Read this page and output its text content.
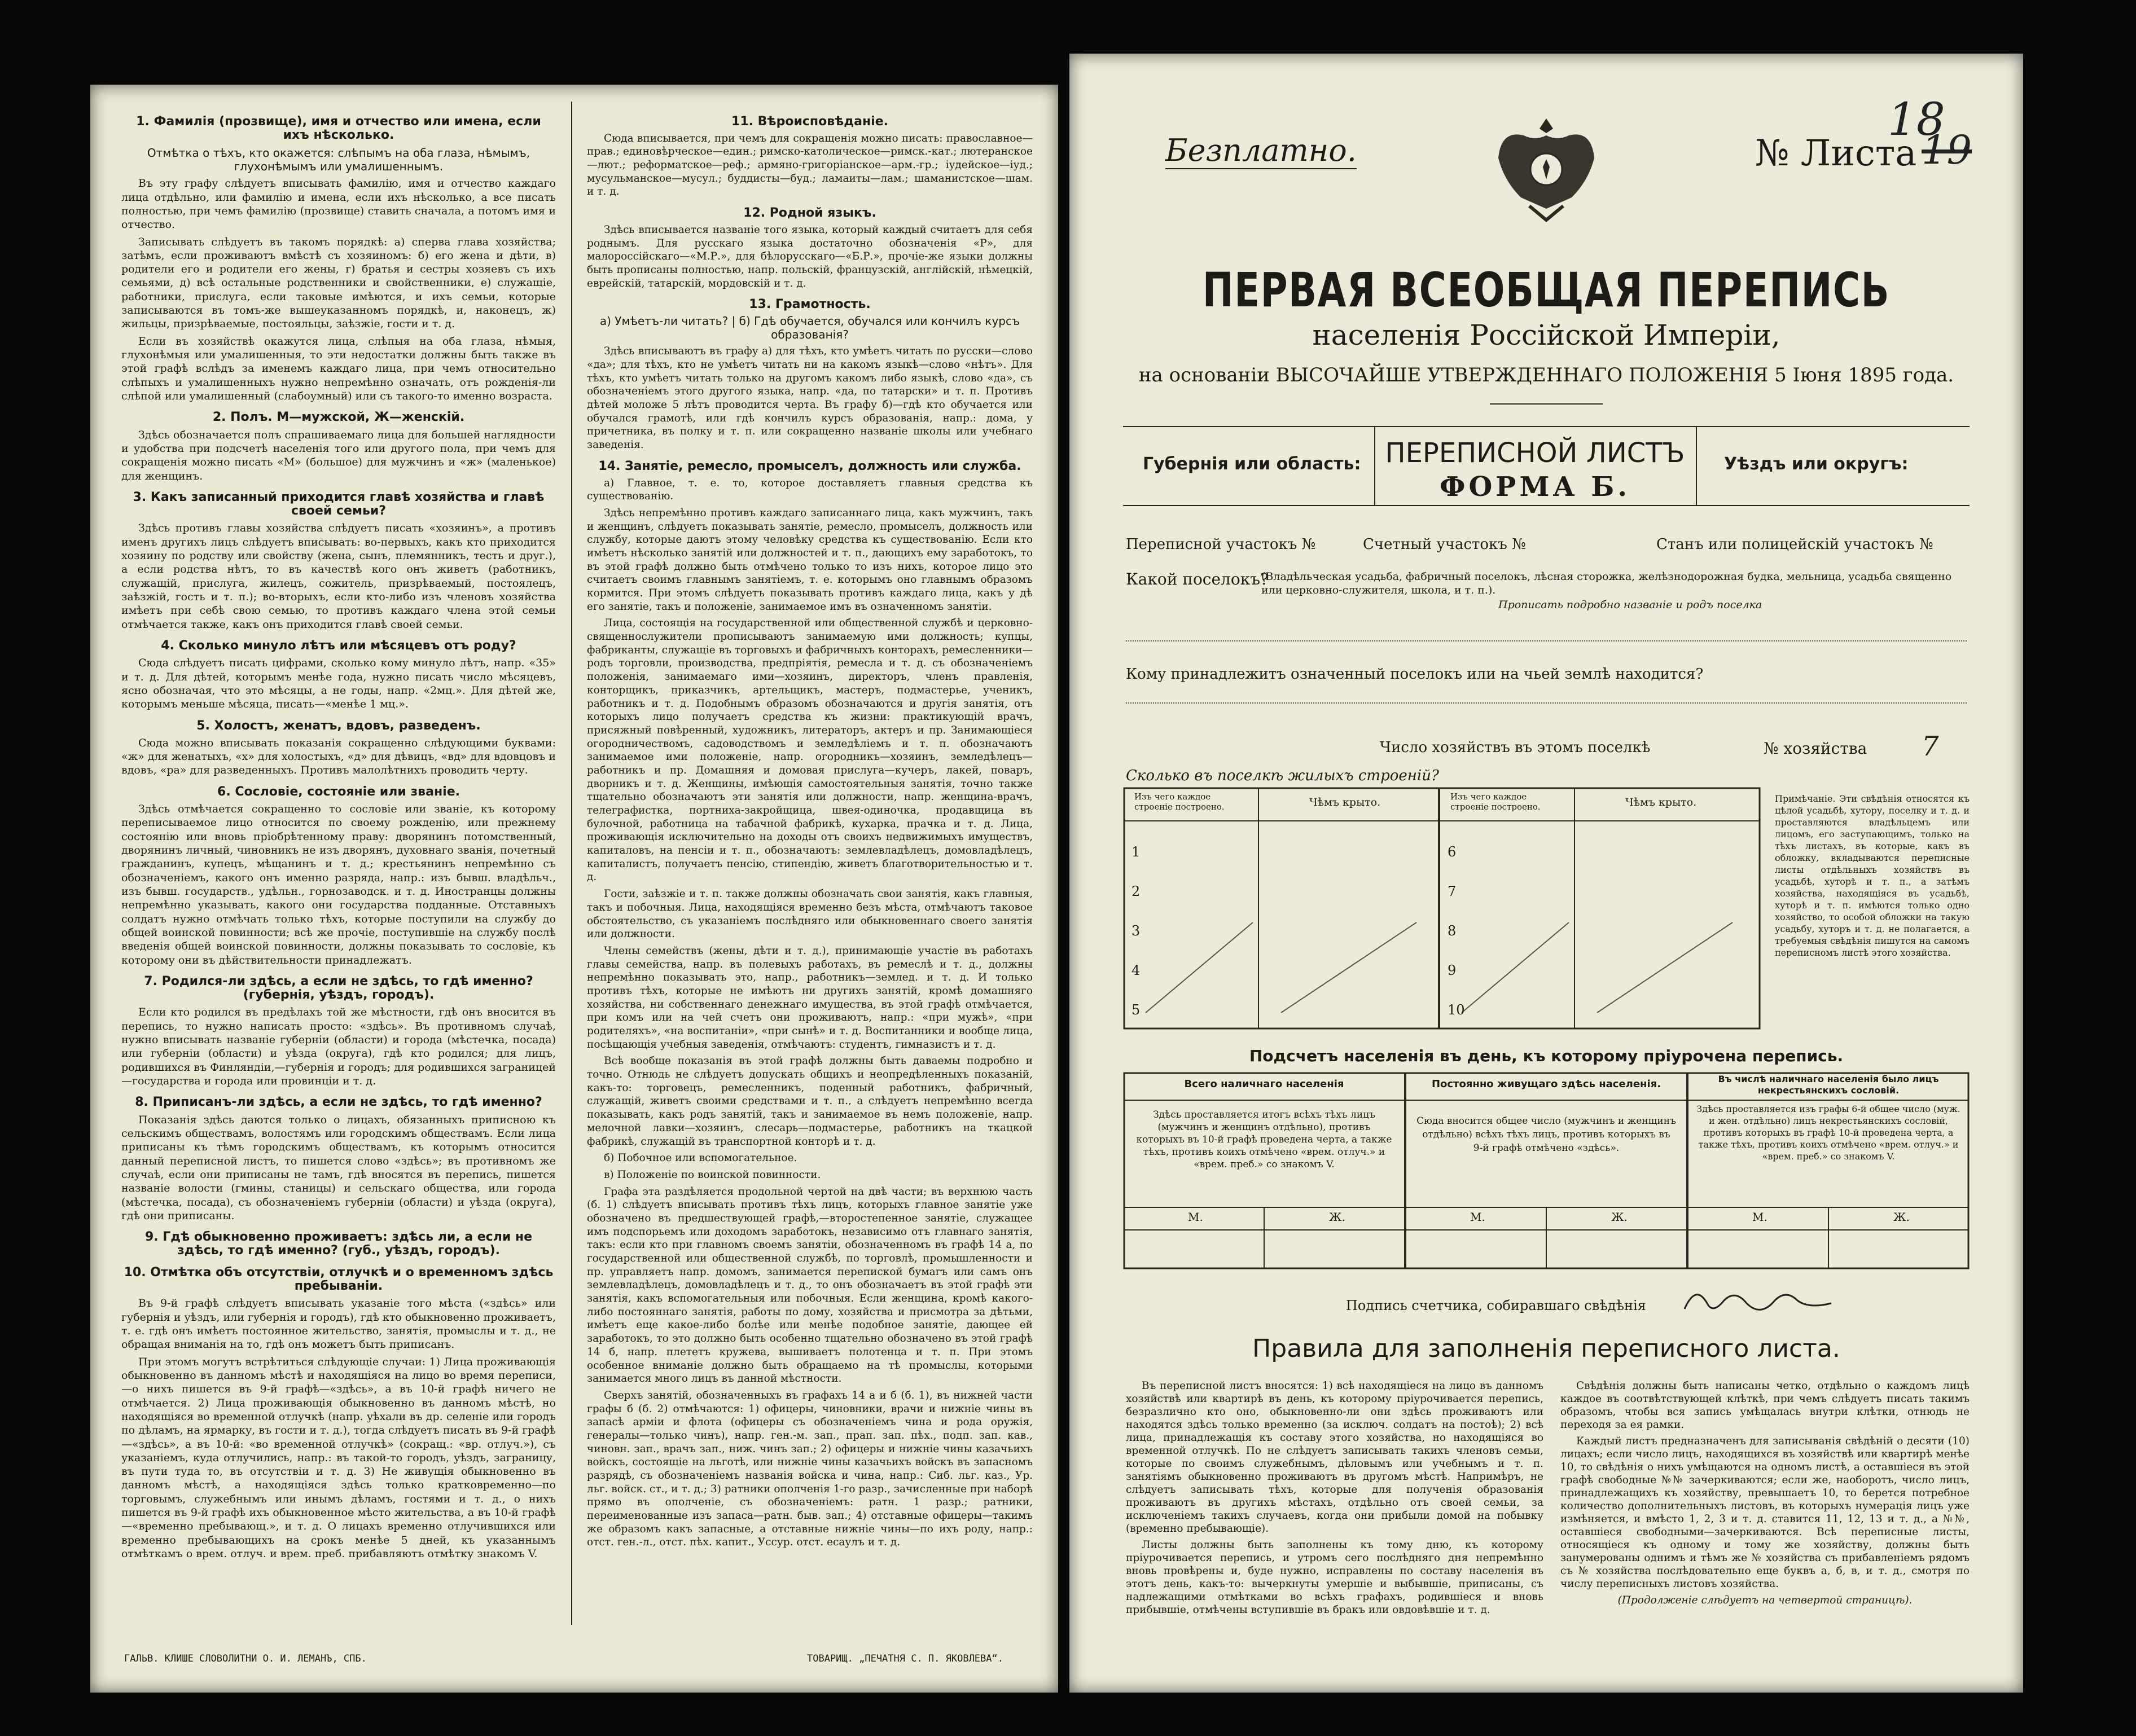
1. Фамилія (прозвище), имя и отчество или имена, если ихъ нѣсколько.
Отмѣтка о тѣхъ, кто окажется: слѣпымъ на оба глаза, нѣмымъ, глухонѣмымъ или умалишеннымъ.
Въ эту графу слѣдуетъ вписывать фамилію, имя и отчество каждаго лица отдѣльно, или фамилію и имена, если ихъ нѣсколько, а все писать полностью, при чемъ фамилію (прозвище) ставить сначала, а потомъ имя и отчество.
Записывать слѣдуетъ въ такомъ порядкѣ: а) сперва глава хозяйства; затѣмъ, если проживаютъ вмѣстѣ съ хозяиномъ: б) его жена и дѣти, в) родители его и родители его жены, г) братья и сестры хозяевъ съ ихъ семьями, д) всѣ остальные родственники и свойственники, е) служащіе, работники, прислуга, если таковые имѣются, и ихъ семьи, которые записываются въ томъ-же вышеуказанномъ порядкѣ, и, наконецъ, ж) жильцы, призрѣваемые, постояльцы, заѣзжіе, гости и т. д.
Если въ хозяйствѣ окажутся лица, слѣпыя на оба глаза, нѣмыя, глухонѣмыя или умалишенныя, то эти недостатки должны быть также въ этой графѣ вслѣдъ за именемъ каждаго лица, при чемъ относительно слѣпыхъ и умалишенныхъ нужно непремѣнно означать, отъ рожденія-ли слѣпой или умалишенный (слабоумный) или съ такого-то именно возраста.
2. Полъ. М—мужской, Ж—женскій.
Здѣсь обозначается полъ спрашиваемаго лица для большей наглядности и удобства при подсчетѣ населенія того или другого пола, при чемъ для сокращенія можно писать «М» (большое) для мужчинъ и «ж» (маленькое) для женщинъ.
3. Какъ записанный приходится главѣ хозяйства и главѣ своей семьи?
Здѣсь противъ главы хозяйства слѣдуетъ писать «хозяинъ», а противъ именъ другихъ лицъ слѣдуетъ вписывать: во-первыхъ, какъ кто приходится хозяину по родству или свойству (жена, сынъ, племянникъ, тесть и друг.), а если родства нѣтъ, то въ качествѣ кого онъ живетъ (работникъ, служащій, прислуга, жилецъ, сожитель, призрѣваемый, постоялецъ, заѣзжій, гость и т. п.); во-вторыхъ, если кто-либо изъ членовъ хозяйства имѣетъ при себѣ свою семью, то противъ каждаго члена этой семьи отмѣчается также, какъ онъ приходится главѣ своей семьи.
4. Сколько минуло лѣтъ или мѣсяцевъ отъ роду?
Сюда слѣдуетъ писать цифрами, сколько кому минуло лѣтъ, напр. «35» и т. д. Для дѣтей, которымъ менѣе года, нужно писать число мѣсяцевъ, ясно обозначая, что это мѣсяцы, а не годы, напр. «2мц.». Для дѣтей же, которымъ меньше мѣсяца, писать—«менѣе 1 мц.».
5. Холостъ, женатъ, вдовъ, разведенъ.
Сюда можно вписывать показанія сокращенно слѣдующими буквами: «ж» для женатыхъ, «х» для холостыхъ, «д» для дѣвицъ, «вд» для вдовцовъ и вдовъ, «ра» для разведенныхъ. Противъ малолѣтнихъ проводить черту.
6. Сословіе, состояніе или званіе.
Здѣсь отмѣчается сокращенно то сословіе или званіе, къ которому переписываемое лицо относится по своему рожденію, или прежнему состоянію или вновь пріобрѣтенному праву: дворянинъ потомственный, дворянинъ личный, чиновникъ не изъ дворянъ, духовнаго званія, почетный гражданинъ, купецъ, мѣщанинъ и т. д.; крестьянинъ непремѣнно съ обозначеніемъ, какого онъ именно разряда, напр.: изъ бывш. владѣльч., изъ бывш. государств., удѣльн., горнозаводск. и т. д. Иностранцы должны непремѣнно указывать, какого они государства подданные. Отставныхъ солдатъ нужно отмѣчать только тѣхъ, которые поступили на службу до общей воинской повинности; всѣ же прочіе, поступившіе на службу послѣ введенія общей воинской повинности, должны показывать то сословіе, къ которому они въ дѣйствительности принадлежатъ.
7. Родился-ли здѣсь, а если не здѣсь, то гдѣ именно? (губернія, уѣздъ, городъ).
Если кто родился въ предѣлахъ той же мѣстности, гдѣ онъ вносится въ перепись, то нужно написать просто: «здѣсь». Въ противномъ случаѣ, нужно вписывать названіе губерніи (области) и города (мѣстечка, посада) или губерніи (области) и уѣзда (округа), гдѣ кто родился; для лицъ, родившихся въ Финляндіи,—губернія и городъ; для родившихся заграницей—государства и города или провинціи и т. д.
8. Приписанъ-ли здѣсь, а если не здѣсь, то гдѣ именно?
Показанія здѣсь даются только о лицахъ, обязанныхъ приписною къ сельскимъ обществамъ, волостямъ или городскимъ обществамъ. Если лица приписаны къ тѣмъ городскимъ обществамъ, къ которымъ относится данный переписной листъ, то пишется слово «здѣсь»; въ противномъ же случаѣ, если они приписаны не тамъ, гдѣ вносятся въ перепись, пишется названіе волости (гмины, станицы) и сельскаго общества, или города (мѣстечка, посада), съ обозначеніемъ губерніи (области) и уѣзда (округа), гдѣ они приписаны.
9. Гдѣ обыкновенно проживаетъ: здѣсь ли, а если не здѣсь, то гдѣ именно? (губ., уѣздъ, городъ).
10. Отмѣтка объ отсутствіи, отлучкѣ и о временномъ здѣсь пребываніи.
Въ 9-й графѣ слѣдуетъ вписывать указаніе того мѣста («здѣсь» или губернія и уѣздъ, или губернія и городъ), гдѣ кто обыкновенно проживаетъ, т. е. гдѣ онъ имѣетъ постоянное жительство, занятія, промыслы и т. д., не обращая вниманія на то, гдѣ онъ можетъ быть приписанъ.
При этомъ могутъ встрѣтиться слѣдующіе случаи: 1) Лица проживающія обыкновенно въ данномъ мѣстѣ и находящіяся на лицо во время переписи,—о нихъ пишется въ 9-й графѣ—«здѣсь», а въ 10-й графѣ ничего не отмѣчается. 2) Лица проживающія обыкновенно въ данномъ мѣстѣ, но находящіяся во временной отлучкѣ (напр. уѣхали въ др. селеніе или городъ по дѣламъ, на ярмарку, въ гости и т. д.), тогда слѣдуетъ писать въ 9-й графѣ—«здѣсь», а въ 10-й: «во временной отлучкѣ» (сокращ.: «вр. отлуч.»), съ указаніемъ, куда отлучились, напр.: въ такой-то городъ, уѣздъ, заграницу, въ пути туда то, въ отсутствіи и т. д. 3) Не живущія обыкновенно въ данномъ мѣстѣ, а находящіяся здѣсь только кратковременно—по торговымъ, служебнымъ или инымъ дѣламъ, гостями и т. д., о нихъ пишется въ 9-й графѣ ихъ обыкновенное мѣсто жительства, а въ 10-й графѣ—«временно пребывающ.», и т. д. О лицахъ временно отлучившихся или временно пребывающихъ на срокъ менѣе 5 дней, къ указаннымъ отмѣткамъ о врем. отлуч. и врем. преб. прибавляютъ отмѣтку знакомъ V.
11. Вѣроисповѣданіе.
Сюда вписывается, при чемъ для сокращенія можно писать: православное—прав.; единовѣрческое—един.; римско-католическое—римск.-кат.; лютеранское—лют.; реформатское—реф.; армяно-григоріанское—арм.-гр.; іудейское—іуд.; мусульманское—мусул.; буддисты—буд.; ламаиты—лам.; шаманистское—шам. и т. д.
12. Родной языкъ.
Здѣсь вписывается названіе того языка, который каждый считаетъ для себя роднымъ. Для русскаго языка достаточно обозначенія «Р», для малороссійскаго—«М.Р.», для бѣлорусскаго—«Б.Р.», прочіе-же языки должны быть прописаны полностью, напр. польскій, французскій, англійскій, нѣмецкій, еврейскій, татарскій, мордовскій и т. д.
13. Грамотность.
а) Умѣетъ-ли читать? | б) Гдѣ обучается, обучался или кончилъ курсъ образованія?
Здѣсь вписываютъ въ графу а) для тѣхъ, кто умѣетъ читать по русски—слово «да»; для тѣхъ, кто не умѣетъ читать ни на какомъ языкѣ—слово «нѣтъ». Для тѣхъ, кто умѣетъ читать только на другомъ какомъ либо языкѣ, слово «да», съ обозначеніемъ этого другого языка, напр. «да, по татарски» и т. п. Противъ дѣтей моложе 5 лѣтъ проводится черта. Въ графу б)—гдѣ кто обучается или обучался грамотѣ, или гдѣ кончилъ курсъ образованія, напр.: дома, у причетника, въ полку и т. п. или сокращенно названіе школы или учебнаго заведенія.
14. Занятіе, ремесло, промыселъ, должность или служба.
а) Главное, т. е. то, которое доставляетъ главныя средства къ существованію.
Здѣсь непремѣнно противъ каждаго записаннаго лица, какъ мужчинъ, такъ и женщинъ, слѣдуетъ показывать занятіе, ремесло, промыселъ, должность или службу, которые даютъ этому человѣку средства къ существованію. Если кто имѣетъ нѣсколько занятій или должностей и т. п., дающихъ ему заработокъ, то въ этой графѣ должно быть отмѣчено только то изъ нихъ, которое лицо это считаетъ своимъ главнымъ занятіемъ, т. е. которымъ оно главнымъ образомъ кормится. При этомъ слѣдуетъ показывать противъ каждаго лица, какъ у дѣ его занятіе, такъ и положеніе, занимаемое имъ въ означенномъ занятіи.
Лица, состоящія на государственной или общественной службѣ и церковно-священнослужители прописываютъ занимаемую ими должность; купцы, фабриканты, служащіе въ торговыхъ и фабричныхъ конторахъ, ремесленники—родъ торговли, производства, предпріятія, ремесла и т. д. съ обозначеніемъ положенія, занимаемаго ими—хозяинъ, директоръ, членъ правленія, конторщикъ, приказчикъ, артельщикъ, мастеръ, подмастерье, ученикъ, работникъ и т. д. Подобнымъ образомъ обозначаются и другія занятія, отъ которыхъ лицо получаетъ средства къ жизни: практикующій врачъ, присяжный повѣренный, художникъ, литераторъ, актеръ и пр. Занимающіеся огородничествомъ, садоводствомъ и земледѣліемъ и т. п. обозначаютъ занимаемое ими положеніе, напр. огородникъ—хозяинъ, земледѣлецъ—работникъ и пр. Домашняя и домовая прислуга—кучеръ, лакей, поваръ, дворникъ и т. д. Женщины, имѣющія самостоятельныя занятія, точно также тщательно обозначаютъ эти занятія или должности, напр. женщина-врачъ, телеграфистка, портниха-закройщица, швея-одиночка, продавщица въ булочной, работница на табачной фабрикѣ, кухарка, прачка и т. д. Лица, проживающія исключительно на доходы отъ своихъ недвижимыхъ имуществъ, капиталовъ, на пенсіи и т. п., обозначаютъ: землевладѣлецъ, домовладѣлецъ, капиталистъ, получаетъ пенсію, стипендію, живетъ благотворительностью и т. д.
Гости, заѣзжіе и т. п. также должны обозначать свои занятія, какъ главныя, такъ и побочныя. Лица, находящіяся временно безъ мѣста, отмѣчаютъ таковое обстоятельство, съ указаніемъ послѣдняго или обыкновеннаго своего занятія или должности.
Члены семействъ (жены, дѣти и т. д.), принимающіе участіе въ работахъ главы семейства, напр. въ полевыхъ работахъ, въ ремеслѣ и т. д., должны непремѣнно показывать это, напр., работникъ—землед. и т. д. И только противъ тѣхъ, которые не имѣютъ ни другихъ занятій, кромѣ домашняго хозяйства, ни собственнаго денежнаго имущества, въ этой графѣ отмѣчается, при комъ или на чей счетъ они проживаютъ, напр.: «при мужѣ», «при родителяхъ», «на воспитаніи», «при сынѣ» и т. д. Воспитанники и вообще лица, посѣщающія учебныя заведенія, отмѣчаютъ: студентъ, гимназистъ и т. д.
Всѣ вообще показанія въ этой графѣ должны быть даваемы подробно и точно. Отнюдь не слѣдуетъ допускать общихъ и неопредѣленныхъ показаній, какъ-то: торговецъ, ремесленникъ, поденный работникъ, фабричный, служащій, живетъ своими средствами и т. п., а слѣдуетъ непремѣнно всегда показывать, какъ родъ занятій, такъ и занимаемое въ немъ положеніе, напр. мелочной лавки—хозяинъ, слесарь—подмастерье, работникъ на ткацкой фабрикѣ, служащій въ транспортной конторѣ и т. д.
б) Побочное или вспомогательное.
в) Положеніе по воинской повинности.
Графа эта раздѣляется продольной чертой на двѣ части; въ верхнюю часть (б. 1) слѣдуетъ вписывать противъ тѣхъ лицъ, которыхъ главное занятіе уже обозначено въ предшествующей графѣ,—второстепенное занятіе, служащее имъ подспорьемъ или доходомъ заработокъ, независимо отъ главнаго занятія, такъ: если кто при главномъ своемъ занятіи, обозначенномъ въ графѣ 14 а, по государственной или общественной службѣ, по торговлѣ, промышленности и пр. управляетъ напр. домомъ, занимается перепиской бумагъ или самъ онъ землевладѣлецъ, домовладѣлецъ и т. д., то онъ обозначаетъ въ этой графѣ эти занятія, какъ вспомогательныя или побочныя. Если женщина, кромѣ какого-либо постояннаго занятія, работы по дому, хозяйства и присмотра за дѣтьми, имѣетъ еще какое-либо болѣе или менѣе подобное занятіе, дающее ей заработокъ, то это должно быть особенно тщательно обозначено въ этой графѣ 14 б, напр. плететъ кружева, вышиваетъ полотенца и т. п. При этомъ особенное вниманіе должно быть обращаемо на тѣ промыслы, которыми занимается много лицъ въ данной мѣстности.
Сверхъ занятій, обозначенныхъ въ графахъ 14 а и б (б. 1), въ нижней части графы б (б. 2) отмѣчаются: 1) офицеры, чиновники, врачи и нижніе чины въ запасѣ армiи и флота (офицеры съ обозначеніемъ чина и рода оружія, генералы—только чинъ), напр. ген.-м. зап., прап. зап. пѣх., подп. зап. кав., чиновн. зап., врачъ зап., ниж. чинъ зап.; 2) офицеры и нижніе чины казачьихъ войскъ, состоящіе на льготѣ, или нижніе чины казачьихъ войскъ въ запасномъ разрядѣ, съ обозначеніемъ названія войска и чина, напр.: Сиб. льг. каз., Ур. льг. войск. ст., и т. д.; 3) ратники ополченія 1-го разр., зачисленные при наборѣ прямо въ ополченіе, съ обозначеніемъ: ратн. 1 разр.; ратники, переименованные изъ запаса—ратн. быв. зап.; 4) отставные офицеры—такимъ же образомъ какъ запасные, а отставные нижніе чины—по ихъ роду, напр.: отст. ген.-л., отст. пѣх. капит., Уссур. отст. есаулъ и т. д.
ГАЛЬВ. КЛИШЕ СЛОВОЛИТНИ О. И. ЛЕМАНЪ, СПБ.	ТОВАРИЩ. „ПЕЧАТНЯ С. П. ЯКОВЛЕВА“.
18
Безплатно.	№ Листа 19
ПЕРВАЯ ВСЕОБЩАЯ ПЕРЕПИСЬ
населенія Россійской Имперіи,
на основаніи ВЫСОЧАЙШЕ УТВЕРЖДЕННАГО ПОЛОЖЕНІЯ 5 Іюня 1895 года.
Губернія или область: ПЕРЕПИСНОЙ ЛИСТЪ
ФОРМА Б.
Уѣздъ или округъ:
Переписной участокъ №	Счетный участокъ №	Станъ или полицейскій участокъ №
Какой поселокъ?
(Владѣльческая усадьба, фабричный поселокъ, лѣсная сторожка, желѣзнодорожная будка, мельница, усадьба священно или церковно-служителя, школа, и т. п.).
Прописать подробно названіе и родъ поселка
Кому принадлежитъ означенный поселокъ или на чьей землѣ находится?
Число хозяйствъ въ этомъ поселкѣ	№ хозяйства 7
Сколько въ поселкѣ жилыхъ строеній?
Изъ чего каждое строеніе построено.	Чѣмъ крыто.	Изъ чего каждое строеніе построено.	Чѣмъ крыто.
1
2
3
4
5
6
7
8
9
10
Примѣчаніе. Эти свѣдѣнія относятся къ цѣлой усадьбѣ, хутору, поселку и т. д. и проставляются владѣльцемъ или лицомъ, его заступающимъ, только на тѣхъ листахъ, въ которые, какъ въ обложку, вкладываются переписные листы отдѣльныхъ хозяйствъ въ усадьбѣ, хуторѣ и т. п., а затѣмъ хозяйства, находящіяся въ усадьбѣ, хуторѣ и т. п. имѣются только одно хозяйство, то особой обложки на такую усадьбу, хуторъ и т. д. не полагается, а требуемыя свѣдѣнія пишутся на самомъ переписномъ листѣ этого хозяйства.
Подсчетъ населенія въ день, къ которому пріурочена перепись.
Всего наличнаго населенія
Здѣсь проставляется итогъ всѣхъ тѣхъ лицъ (мужчинъ и женщинъ отдѣльно), противъ которыхъ въ 10-й графѣ проведена черта, а также тѣхъ, противъ коихъ отмѣчено «врем. отлуч.» и «врем. преб.» со знакомъ V.
Постоянно живущаго здѣсь населенія.
Сюда вносится общее число (мужчинъ и женщинъ отдѣльно) всѣхъ тѣхъ лицъ, противъ которыхъ въ 9-й графѣ отмѣчено «здѣсь».
Въ числѣ наличнаго населенія было лицъ некрестьянскихъ сословій.
Здѣсь проставляется изъ графы 6-й общее число (муж. и жен. отдѣльно) лицъ некрестьянскихъ сословій, противъ которыхъ въ графѣ 10-й проведена черта, а также тѣхъ, противъ коихъ отмѣчено «врем. отлуч.» и «врем. преб.» со знакомъ V.
М.	Ж.	М.	Ж.	М.	Ж.
Подпись счетчика, собиравшаго свѣдѣнія
Правила для заполненія переписного листа.

Въ переписной листъ вносятся: 1) всѣ находящіеся на лицо въ данномъ хозяйствѣ или квартирѣ въ день, къ которому пріурочивается перепись, безразлично кто оно, обыкновенно-ли они здѣсь проживаютъ или находятся здѣсь только временно (за исключ. солдатъ на постоѣ); 2) всѣ лица, принадлежащія къ составу этого хозяйства, но находящіяся во временной отлучкѣ. По не слѣдуетъ записывать такихъ членовъ семьи, которые по своимъ служебнымъ, дѣловымъ или учебнымъ и т. п. занятіямъ обыкновенно проживаютъ въ другомъ мѣстѣ. Напримѣръ, не слѣдуетъ записывать тѣхъ, которые для полученія образованія проживаютъ въ другихъ мѣстахъ, отдѣльно отъ своей семьи, за исключеніемъ такихъ случаевъ, когда они прибыли домой на побывку (временно пребывающіе).

Листы должны быть заполнены къ тому дню, къ которому пріурочивается перепись, и утромъ сего послѣдняго дня непремѣнно вновь провѣрены и, буде нужно, исправлены по составу населенія въ этотъ день, какъ-то: вычеркнуты умершіе и выбывшіе, приписаны, съ надлежащими отмѣтками во всѣхъ графахъ, родившіеся и вновь прибывшіе, отмѣчены вступившіе въ бракъ или овдовѣвшіе и т. д.

Свѣдѣнія должны быть написаны четко, отдѣльно о каждомъ лицѣ каждое въ соотвѣтствующей клѣткѣ, при чемъ слѣдуетъ писать такимъ образомъ, чтобы вся запись умѣщалась внутри клѣтки, отнюдь не переходя за ея рамки.

Каждый листъ предназначенъ для записыванія свѣдѣній о десяти (10) лицахъ; если число лицъ, находящихся въ хозяйствѣ или квартирѣ менѣе 10, то свѣдѣнія о нихъ умѣщаются на одномъ листѣ, а оставшіеся въ этой графѣ свободные №№ зачеркиваются; если же, наоборотъ, число лицъ, принадлежащихъ къ хозяйству, превышаетъ 10, то берется потребное количество дополнительныхъ листовъ, въ которыхъ нумерація лицъ уже измѣняется, и вмѣсто 1, 2, 3 и т. д. ставится 11, 12, 13 и т. д., а №№, оставшіеся свободными—зачеркиваются. Всѣ переписные листы, относящіеся къ одному и тому же хозяйству, должны быть занумерованы однимъ и тѣмъ же № хозяйства съ прибавленіемъ рядомъ съ № хозяйства послѣдовательно еще буквъ а, б, в, и т. д., смотря по числу переписныхъ листовъ хозяйства.

(Продолженіе слѣдуетъ на четвертой страницѣ).
